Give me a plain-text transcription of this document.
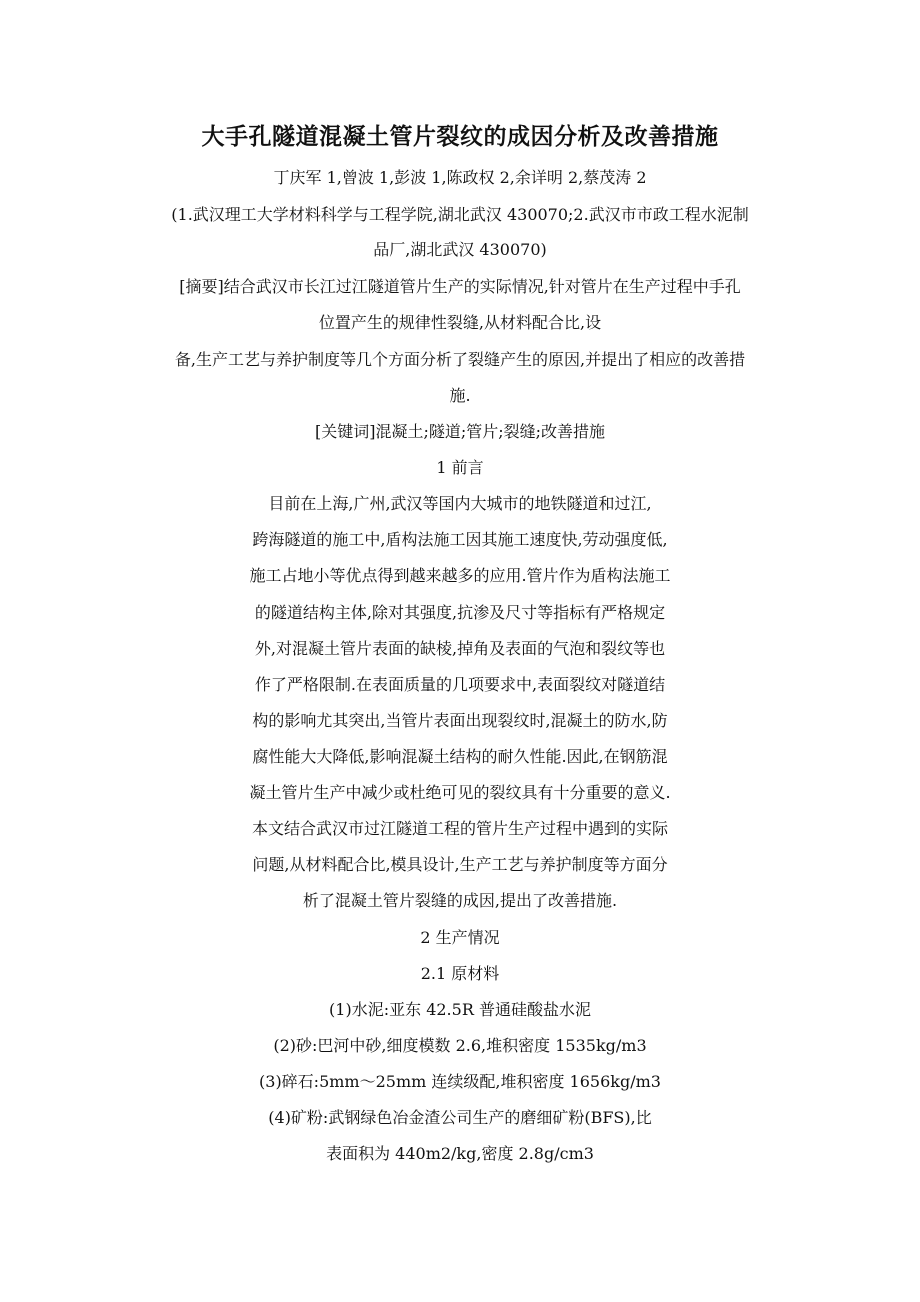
大手孔隧道混凝土管片裂纹的成因分析及改善措施
丁庆军 1,曾波 1,彭波 1,陈政权 2,余详明 2,蔡茂涛 2
(1.武汉理工大学材料科学与工程学院,湖北武汉 430070;2.武汉市市政工程水泥制
品厂,湖北武汉 430070)
[摘要]结合武汉市长江过江隧道管片生产的实际情况,针对管片在生产过程中手孔
位置产生的规律性裂缝,从材料配合比,设
备,生产工艺与养护制度等几个方面分析了裂缝产生的原因,并提出了相应的改善措
施.
[关键词]混凝土;隧道;管片;裂缝;改善措施
1 前言
目前在上海,广州,武汉等国内大城市的地铁隧道和过江,
跨海隧道的施工中,盾构法施工因其施工速度快,劳动强度低,
施工占地小等优点得到越来越多的应用.管片作为盾构法施工
的隧道结构主体,除对其强度,抗渗及尺寸等指标有严格规定
外,对混凝土管片表面的缺棱,掉角及表面的气泡和裂纹等也
作了严格限制.在表面质量的几项要求中,表面裂纹对隧道结
构的影响尤其突出,当管片表面出现裂纹时,混凝土的防水,防
腐性能大大降低,影响混凝土结构的耐久性能.因此,在钢筋混
凝土管片生产中减少或杜绝可见的裂纹具有十分重要的意义.
本文结合武汉市过江隧道工程的管片生产过程中遇到的实际
问题,从材料配合比,模具设计,生产工艺与养护制度等方面分
析了混凝土管片裂缝的成因,提出了改善措施.
2 生产情况
2.1 原材料
(1)水泥:亚东 42.5R 普通硅酸盐水泥
(2)砂:巴河中砂,细度模数 2.6,堆积密度 1535kg/m3
(3)碎石:5mm～25mm 连续级配,堆积密度 1656kg/m3
(4)矿粉:武钢绿色冶金渣公司生产的磨细矿粉(BFS),比
表面积为 440m2/kg,密度 2.8g/cm3
